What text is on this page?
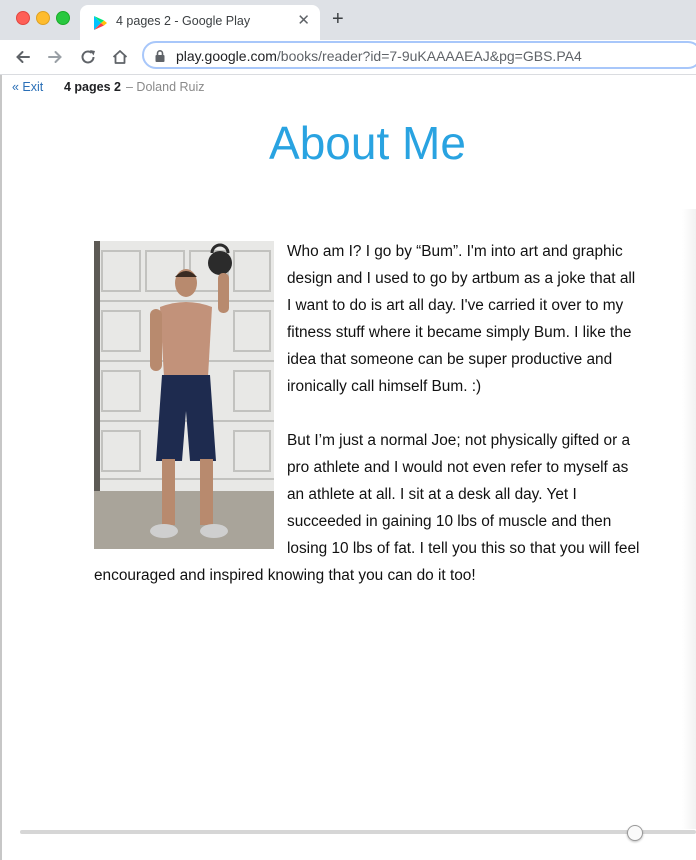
4 pages 2 - Google Play	✕ +
play.google.com/books/reader?id=7-9uKAAAAEAJ&pg=GBS.PA4
« Exit 4 pages 2 – Doland Ruiz
About Me

Who am I? I go by “Bum”. I'm into art and graphic design and I used to go by artbum as a joke that all I want to do is art all day. I've carried it over to my fitness stuff where it became simply Bum. I like the idea that someone can be super productive and ironically call himself Bum. :)

But I’m just a normal Joe; not physically gifted or a pro athlete and I would not even refer to myself as an athlete at all. I sit at a desk all day. Yet I succeeded in gaining 10 lbs of muscle and then losing 10 lbs of fat. I tell you this so that you will feel encouraged and inspired knowing that you can do it too!
